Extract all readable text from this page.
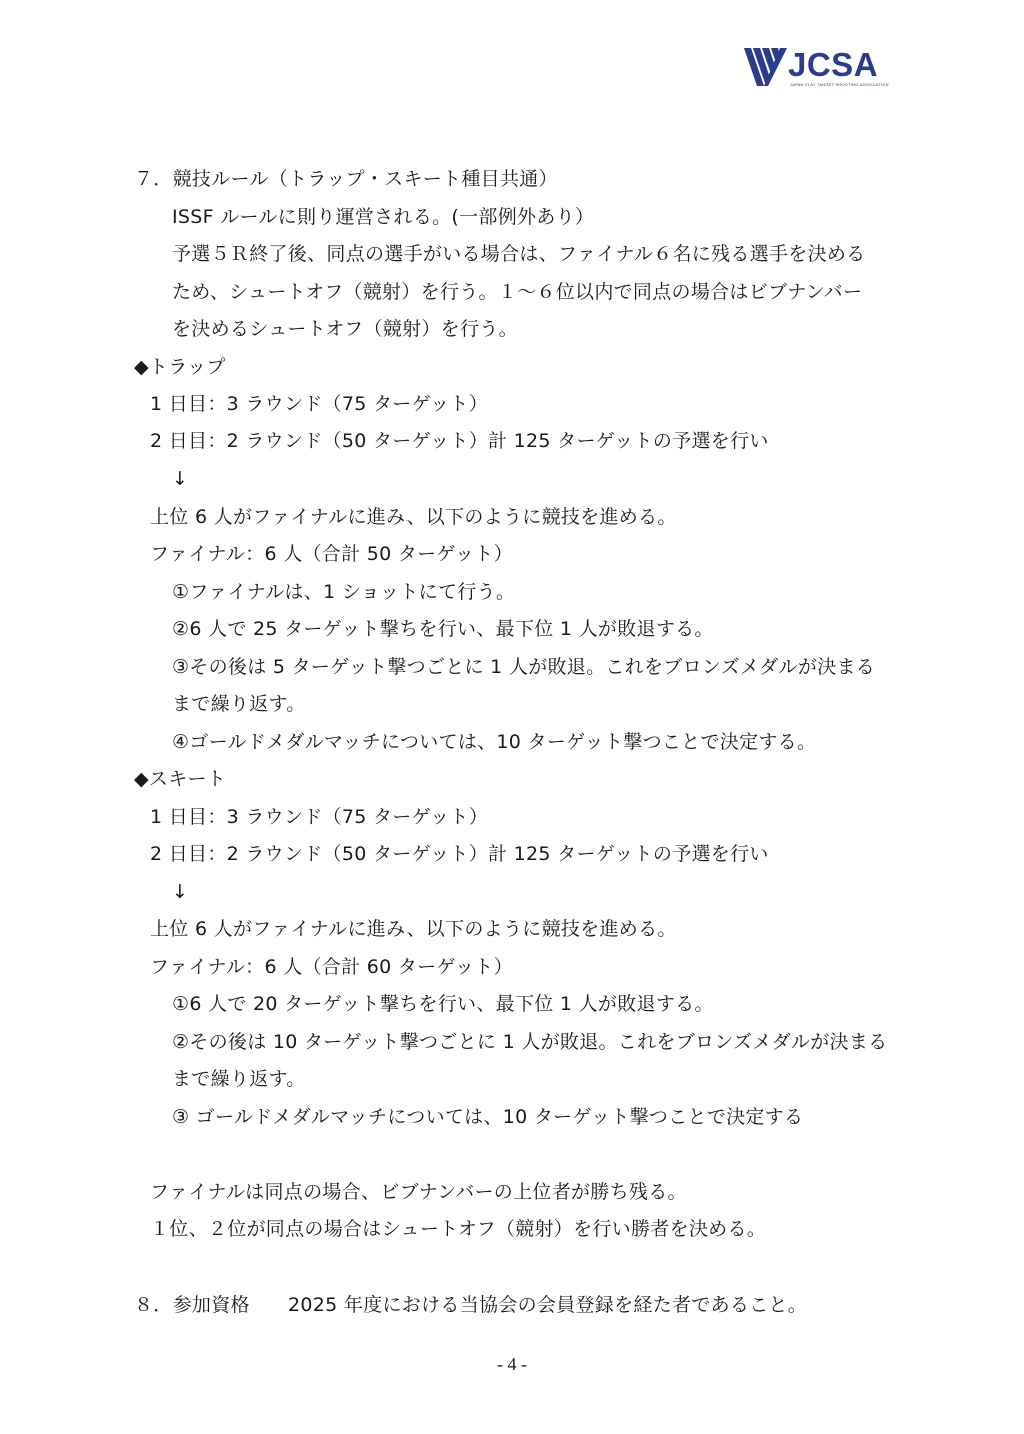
JCSA
JAPAN CLAY TARGET SHOOTING ASSOCIATION
７．競技ルール（トラップ・スキート種目共通）
ISSF ルールに則り運営される。(一部例外あり）
予選５Ｒ終了後、同点の選手がいる場合は、ファイナル６名に残る選手を決める
ため、シュートオフ（競射）を行う。１～６位以内で同点の場合はビブナンバー
を決めるシュートオフ（競射）を行う。
◆トラップ
1 日目：3 ラウンド（75 ターゲット）
2 日目：2 ラウンド（50 ターゲット）計 125 ターゲットの予選を行い
↓
上位 6 人がファイナルに進み、以下のように競技を進める。
ファイナル：6 人（合計 50 ターゲット）
①ファイナルは、1 ショットにて行う。
②6 人で 25 ターゲット撃ちを行い、最下位 1 人が敗退する。
③その後は 5 ターゲット撃つごとに 1 人が敗退。これをブロンズメダルが決まる
まで繰り返す。
④ゴールドメダルマッチについては、10 ターゲット撃つことで決定する。
◆スキート
1 日目：3 ラウンド（75 ターゲット）
2 日目：2 ラウンド（50 ターゲット）計 125 ターゲットの予選を行い
↓
上位 6 人がファイナルに進み、以下のように競技を進める。
ファイナル：6 人（合計 60 ターゲット）
①6 人で 20 ターゲット撃ちを行い、最下位 1 人が敗退する。
②その後は 10 ターゲット撃つごとに 1 人が敗退。これをブロンズメダルが決まる
まで繰り返す。
③ ゴールドメダルマッチについては、10 ターゲット撃つことで決定する
ファイナルは同点の場合、ビブナンバーの上位者が勝ち残る。
１位、２位が同点の場合はシュートオフ（競射）を行い勝者を決める。
８．参加資格 2025 年度における当協会の会員登録を経た者であること。
- 4 -
